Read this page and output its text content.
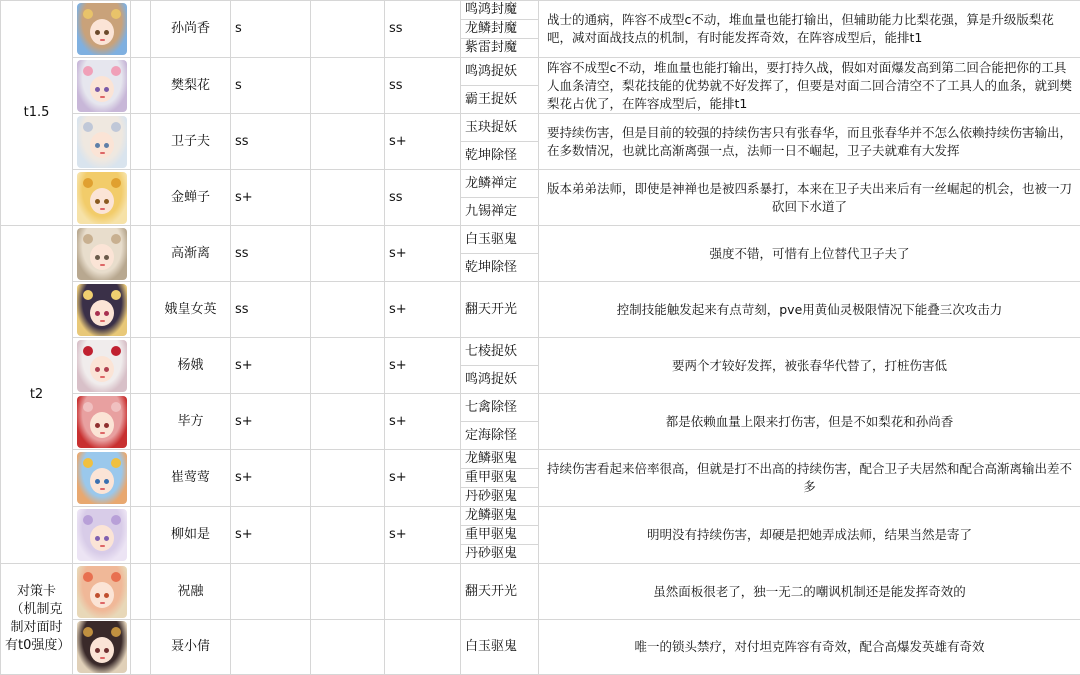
t1.5			孙尚香	s		ss	鸣鸿封魔	战士的通病，阵容不成型c不动，堆血量也能打输出，但辅助能力比梨花强，算是升级版梨花吧，减对面战技点的机制，有时能发挥奇效，在阵容成型后，能排t1
							龙鳞封魔	
							紫雷封魔	

			樊梨花	s		ss	鸣鸿捉妖	阵容不成型c不动，堆血量也能打输出，要打持久战，假如对面爆发高到第二回合能把你的工具人血条清空，梨花技能的优势就不好发挥了，但要是对面二回合清空不了工具人的血条，就到樊梨花占优了，在阵容成型后，能排t1
							霸王捉妖	

			卫子夫	ss		s+	玉玦捉妖	要持续伤害，但是目前的较强的持续伤害只有张春华，而且张春华并不怎么依赖持续伤害输出，在多数情况，也就比高渐离强一点，法师一日不崛起，卫子夫就难有大发挥
							乾坤除怪	

			金蝉子	s+		ss	龙鳞禅定	版本弟弟法师，即使是神禅也是被四系暴打，本来在卫子夫出来后有一丝崛起的机会，也被一刀砍回下水道了
							九锡禅定	
t2			高渐离	ss		s+	白玉驱鬼	强度不错，可惜有上位替代卫子夫了
							乾坤除怪	

			娥皇女英	ss		s+	翻天开光	控制技能触发起来有点苛刻，pve用黄仙灵极限情况下能叠三次攻击力

			杨娥	s+		s+	七棱捉妖	要两个才较好发挥，被张春华代替了，打桩伤害低
							鸣鸿捉妖	

			毕方	s+		s+	七禽除怪	都是依赖血量上限来打伤害，但是不如梨花和孙尚香
							定海除怪	

			崔莺莺	s+		s+	龙鳞驱鬼	持续伤害看起来倍率很高，但就是打不出高的持续伤害，配合卫子夫居然和配合高渐离输出差不多
							重甲驱鬼	
							丹砂驱鬼	

			柳如是	s+		s+	龙鳞驱鬼	明明没有持续伤害，却硬是把她弄成法师，结果当然是寄了
							重甲驱鬼	
							丹砂驱鬼	
对策卡（机制克制对面时有t0强度）			祝融				翻天开光	虽然面板很老了，独一无二的嘲讽机制还是能发挥奇效的

			聂小倩				白玉驱鬼	唯一的锁头禁疗，对付坦克阵容有奇效，配合高爆发英雄有奇效
